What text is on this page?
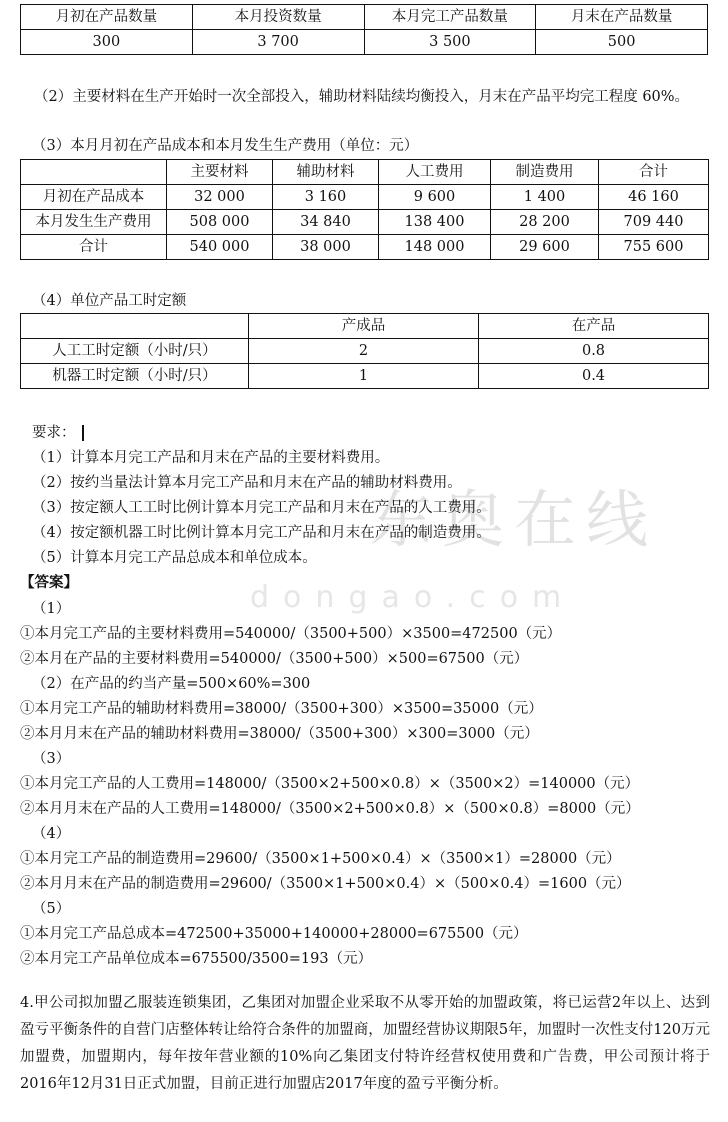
东奥在线
dongao.com
月初在产品数量	本月投资数量	本月完工产品数量	月末在产品数量
300	3 700	3 500	500
（2）主要材料在生产开始时一次全部投入，辅助材料陆续均衡投入，月末在产品平均完工程度 60%。
（3）本月月初在产品成本和本月发生生产费用（单位：元）
	主要材料	辅助材料	人工费用	制造费用	合计
月初在产品成本	32 000	3 160	9 600	1 400	46 160
本月发生生产费用	508 000	34 840	138 400	28 200	709 440
合计	540 000	38 000	148 000	29 600	755 600
（4）单位产品工时定额
	产成品	在产品
人工工时定额（小时/只）	2	0.8
机器工时定额（小时/只）	1	0.4
要求：
（1）计算本月完工产品和月末在产品的主要材料费用。
（2）按约当量法计算本月完工产品和月末在产品的辅助材料费用。
（3）按定额人工工时比例计算本月完工产品和月末在产品的人工费用。
（4）按定额机器工时比例计算本月完工产品和月末在产品的制造费用。
（5）计算本月完工产品总成本和单位成本。
【答案】
（1）
①本月完工产品的主要材料费用=540000/（3500+500）×3500=472500（元）
②本月在产品的主要材料费用=540000/（3500+500）×500=67500（元）
（2）在产品的约当产量=500×60%=300
①本月完工产品的辅助材料费用=38000/（3500+300）×3500=35000（元）
②本月月末在产品的辅助材料费用=38000/（3500+300）×300=3000（元）
（3）
①本月完工产品的人工费用=148000/（3500×2+500×0.8）×（3500×2）=140000（元）
②本月月末在产品的人工费用=148000/（3500×2+500×0.8）×（500×0.8）=8000（元）
（4）
①本月完工产品的制造费用=29600/（3500×1+500×0.4）×（3500×1）=28000（元）
②本月月末在产品的制造费用=29600/（3500×1+500×0.4）×（500×0.4）=1600（元）
（5）
①本月完工产品总成本=472500+35000+140000+28000=675500（元）
②本月完工产品单位成本=675500/3500=193（元）
4.甲公司拟加盟乙服装连锁集团，乙集团对加盟企业采取不从零开始的加盟政策，将已运营2年以上、达到盈亏平衡条件的自营门店整体转让给符合条件的加盟商，加盟经营协议期限5年，加盟时一次性支付120万元加盟费，加盟期内，每年按年营业额的10%向乙集团支付特许经营权使用费和广告费，甲公司预计将于2016年12月31日正式加盟，目前正进行加盟店2017年度的盈亏平衡分析。
